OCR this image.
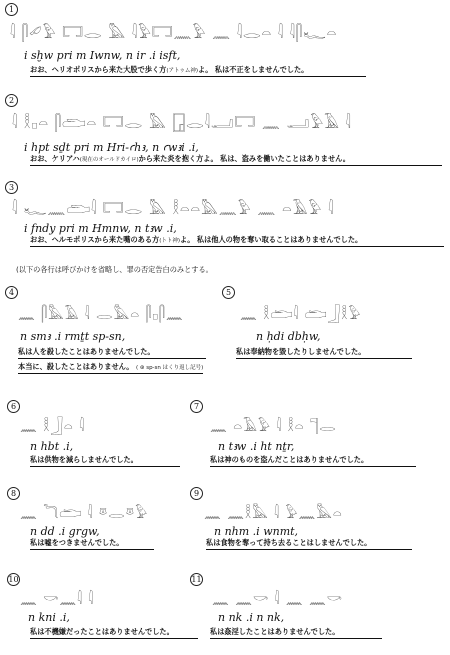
1
𓇋 𓋴𓄔𓅱 𓉐𓂋 𓅓 𓇋𓅱𓉐𓈖𓅱 𓈖 𓇋𓂋𓏏 𓇋 𓇋𓋴𓆑𓏏
i sḫw pri m Iwnw, n ir .i isft,
おお、ヘリオポリスから来た大股で歩く方(アトゥム神)よ。 私は不正をしませんでした。
2
𓇋 𓎛𓊪𓏏 𓋴𓂧𓏏 𓉐𓂋 𓅓 𓉗𓂋𓇋𓂝𓉐 𓈖 𓂝𓅱𓄿 𓇋
i hpt sḏt pri m Hri-ꜥhꜣ, n ꜥwꜣi .i,
おお、ケリアハ(現在のオールドカイロ)から来た炎を抱く方よ。 私は、盗みを働いたことはありません。
3
𓇋 𓆑𓈖𓂧𓇋 𓉐𓂋 𓅓 𓎛𓏏𓏏𓅓𓈖𓅱 𓈖 𓏏𓄿𓅱 𓇋
i fndy pri m Hmnw, n tꜣw .i,
おお、ヘルモポリスから来た嘴のある方(トト神)よ。 私は他人の物を奪い取ることはありませんでした。
(以下の各行は呼びかけを省略し、罪の否定告白のみとする。
4
𓈖 𓋴𓅓𓄿 𓇋 𓂋𓅓𓏏 𓋴𓊪𓋴𓈖
n smꜣ .i rmṯt sp-sn,
私は人を殺したことはありませんでした。
本当に、殺したことはありません。 ( ⊛ sp-sn はくり返し記号)
5
𓈖 𓎛𓂧𓇋 𓂧𓃀𓎛𓅱
n ḥdi dbḥw,
私は奉納物を毀したりしませんでした。
6
𓈖 𓎛𓃀𓏏 𓇋
n hbt .i,
私は供物を減らしませんでした。
7
𓈖 𓏏𓄿𓅱 𓇋 𓎛𓏏 𓊹𓂋
n tꜣw .i ht nṯr,
私は神のものを盗んだことはありませんでした。
8
𓈖 𓆓𓂧 𓇋 𓎼𓂋𓎼𓅱
n dd .i grgw,
私は嘘をつきませんでした。
9
𓈖 𓈖𓎛𓅓 𓇋 𓅱𓈖𓅓𓏏
n nhm .i wnmt,
私は食物を奪って持ち去ることはしませんでした。
10
𓈖 𓎡𓈖𓇋 𓇋
n kni .i,
私は不機嫌だったことはありませんでした。
11
𓈖 𓈖𓎡 𓇋 𓈖 𓈖𓎡
n nk .i n nk,
私は姦淫したことはありませんでした。
